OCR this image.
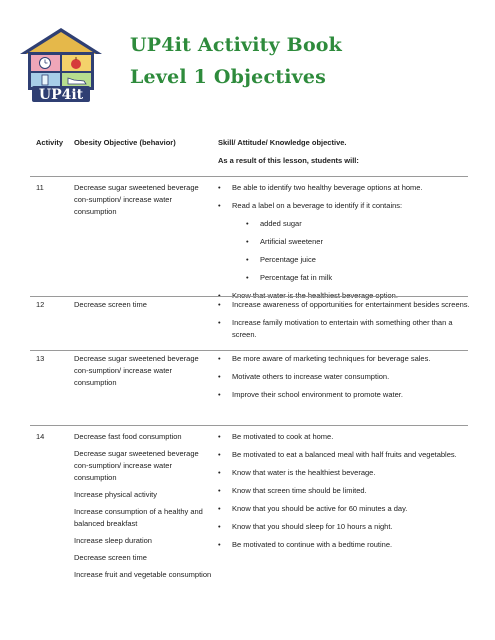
UP4it
UP4it Activity Book
Level 1 Objectives
Activity Obesity Objective (behavior)	Skill/ Attitude/ Knowledge objective.
As a result of this lesson, students will:
11	Decrease sugar sweetened beverage con-sumption/ increase water consumption
• Be able to identify two healthy beverage options at home.
• Read a label on a beverage to identify if it contains:
• added sugar
• Artificial sweetener
• Percentage juice
• Percentage fat in milk
• Know that water is the healthiest beverage option.
12	Decrease screen time
•	Increase awareness of opportunities for entertainment besides screens.
• Increase family motivation to entertain with something other than a screen.
13	Decrease sugar sweetened beverage con-sumption/ increase water consumption
• Be more aware of marketing techniques for beverage sales.
• Motivate others to increase water consumption.
• Improve their school environment to promote water.
14	Decrease fast food consumption
Decrease sugar sweetened beverage con-sumption/ increase water consumption
Increase physical activity
Increase consumption of a healthy and balanced breakfast
Increase sleep duration
Decrease screen time
Increase fruit and vegetable consumption
• Be motivated to cook at home.
• Be motivated to eat a balanced meal with half fruits and vegetables.
• Know that water is the healthiest beverage.
• Know that screen time should be limited.
• Know that you should be active for 60 minutes a day.
• Know that you should sleep for 10 hours a night.
• Be motivated to continue with a bedtime routine.
